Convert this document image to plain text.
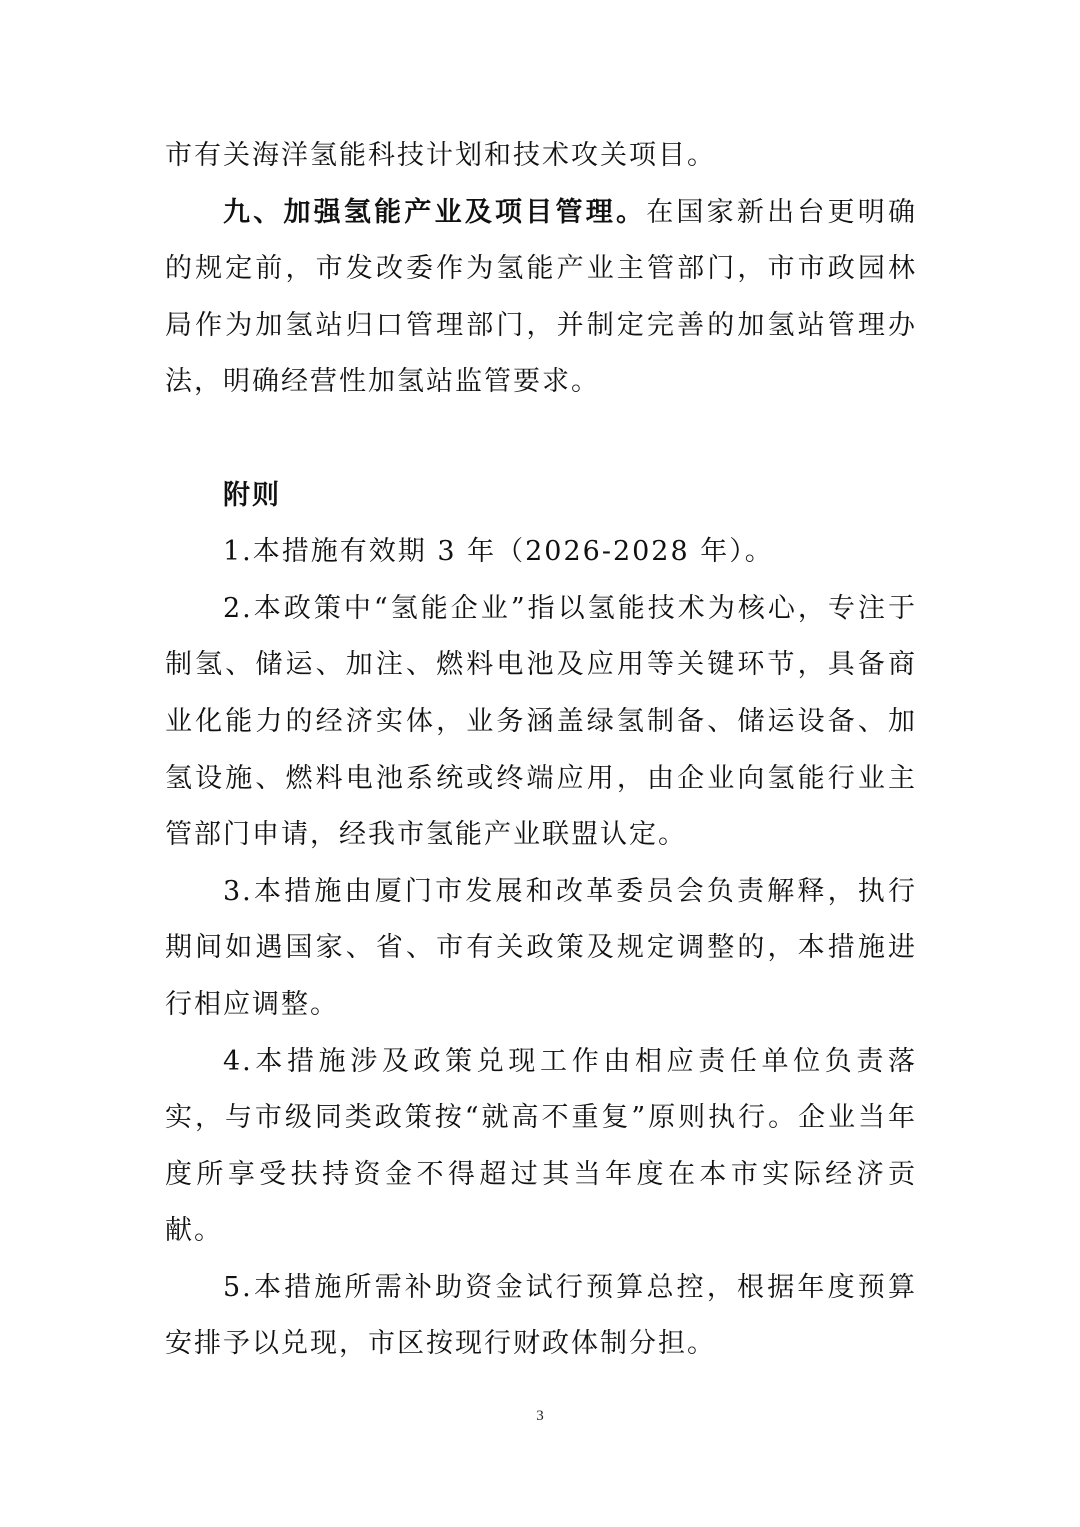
市有关海洋氢能科技计划和技术攻关项目。

九、加强氢能产业及项目管理。在国家新出台更明确的规定前，市发改委作为氢能产业主管部门，市市政园林局作为加氢站归口管理部门，并制定完善的加氢站管理办法，明确经营性加氢站监管要求。

附则

1.本措施有效期 3 年（2026-2028 年）。

2.本政策中“氢能企业”指以氢能技术为核心，专注于制氢、储运、加注、燃料电池及应用等关键环节，具备商业化能力的经济实体，业务涵盖绿氢制备、储运设备、加氢设施、燃料电池系统或终端应用，由企业向氢能行业主管部门申请，经我市氢能产业联盟认定。

3.本措施由厦门市发展和改革委员会负责解释，执行期间如遇国家、省、市有关政策及规定调整的，本措施进行相应调整。

4.本措施涉及政策兑现工作由相应责任单位负责落实，与市级同类政策按“就高不重复”原则执行。企业当年度所享受扶持资金不得超过其当年度在本市实际经济贡献。

5.本措施所需补助资金试行预算总控，根据年度预算安排予以兑现，市区按现行财政体制分担。

3
